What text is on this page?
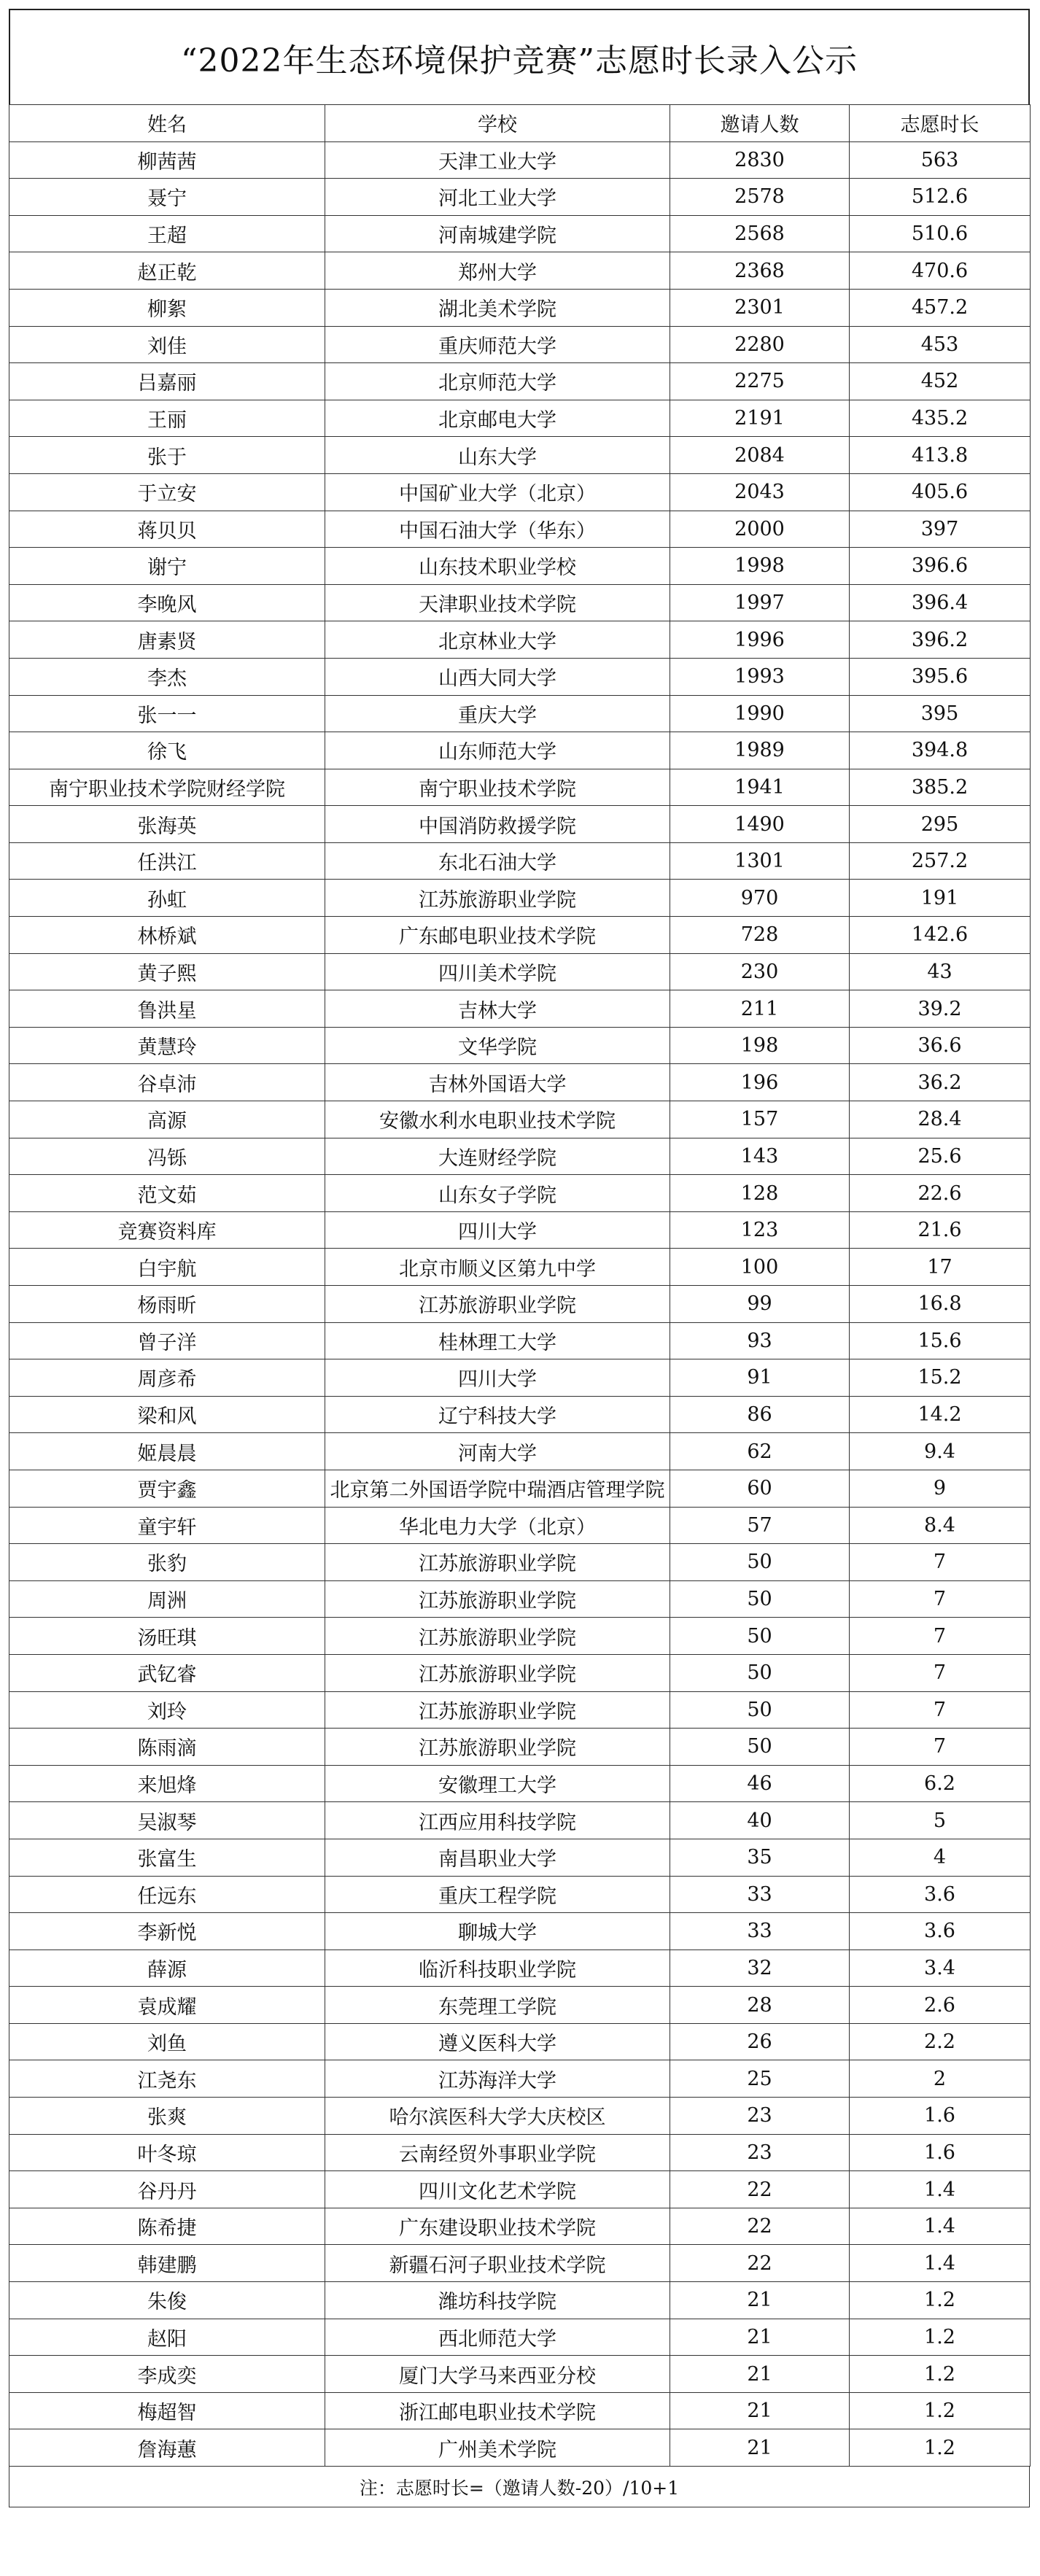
“2022年生态环境保护竞赛”志愿时长录入公示
姓名	学校	邀请人数	志愿时长
柳茜茜	天津工业大学	2830	563
聂宁	河北工业大学	2578	512.6
王超	河南城建学院	2568	510.6
赵正乾	郑州大学	2368	470.6
柳絮	湖北美术学院	2301	457.2
刘佳	重庆师范大学	2280	453
吕嘉丽	北京师范大学	2275	452
王丽	北京邮电大学	2191	435.2
张于	山东大学	2084	413.8
于立安	中国矿业大学（北京）	2043	405.6
蒋贝贝	中国石油大学（华东）	2000	397
谢宁	山东技术职业学校	1998	396.6
李晚风	天津职业技术学院	1997	396.4
唐素贤	北京林业大学	1996	396.2
李杰	山西大同大学	1993	395.6
张一一	重庆大学	1990	395
徐飞	山东师范大学	1989	394.8
南宁职业技术学院财经学院	南宁职业技术学院	1941	385.2
张海英	中国消防救援学院	1490	295
任洪江	东北石油大学	1301	257.2
孙虹	江苏旅游职业学院	970	191
林桥斌	广东邮电职业技术学院	728	142.6
黄子熙	四川美术学院	230	43
鲁洪星	吉林大学	211	39.2
黄慧玲	文华学院	198	36.6
谷卓沛	吉林外国语大学	196	36.2
高源	安徽水利水电职业技术学院	157	28.4
冯铄	大连财经学院	143	25.6
范文茹	山东女子学院	128	22.6
竞赛资料库	四川大学	123	21.6
白宇航	北京市顺义区第九中学	100	17
杨雨昕	江苏旅游职业学院	99	16.8
曾子洋	桂林理工大学	93	15.6
周彦希	四川大学	91	15.2
梁和风	辽宁科技大学	86	14.2
姬晨晨	河南大学	62	9.4
贾宇鑫	北京第二外国语学院中瑞酒店管理学院	60	9
童宇轩	华北电力大学（北京）	57	8.4
张豹	江苏旅游职业学院	50	7
周洲	江苏旅游职业学院	50	7
汤旺琪	江苏旅游职业学院	50	7
武钇睿	江苏旅游职业学院	50	7
刘玲	江苏旅游职业学院	50	7
陈雨滴	江苏旅游职业学院	50	7
来旭烽	安徽理工大学	46	6.2
吴淑琴	江西应用科技学院	40	5
张富生	南昌职业大学	35	4
任远东	重庆工程学院	33	3.6
李新悦	聊城大学	33	3.6
薛源	临沂科技职业学院	32	3.4
袁成耀	东莞理工学院	28	2.6
刘鱼	遵义医科大学	26	2.2
江尧东	江苏海洋大学	25	2
张爽	哈尔滨医科大学大庆校区	23	1.6
叶冬琼	云南经贸外事职业学院	23	1.6
谷丹丹	四川文化艺术学院	22	1.4
陈希捷	广东建设职业技术学院	22	1.4
韩建鹏	新疆石河子职业技术学院	22	1.4
朱俊	潍坊科技学院	21	1.2
赵阳	西北师范大学	21	1.2
李成奕	厦门大学马来西亚分校	21	1.2
梅超智	浙江邮电职业技术学院	21	1.2
詹海蕙	广州美术学院	21	1.2
注：志愿时长=（邀请人数-20）/10+1
